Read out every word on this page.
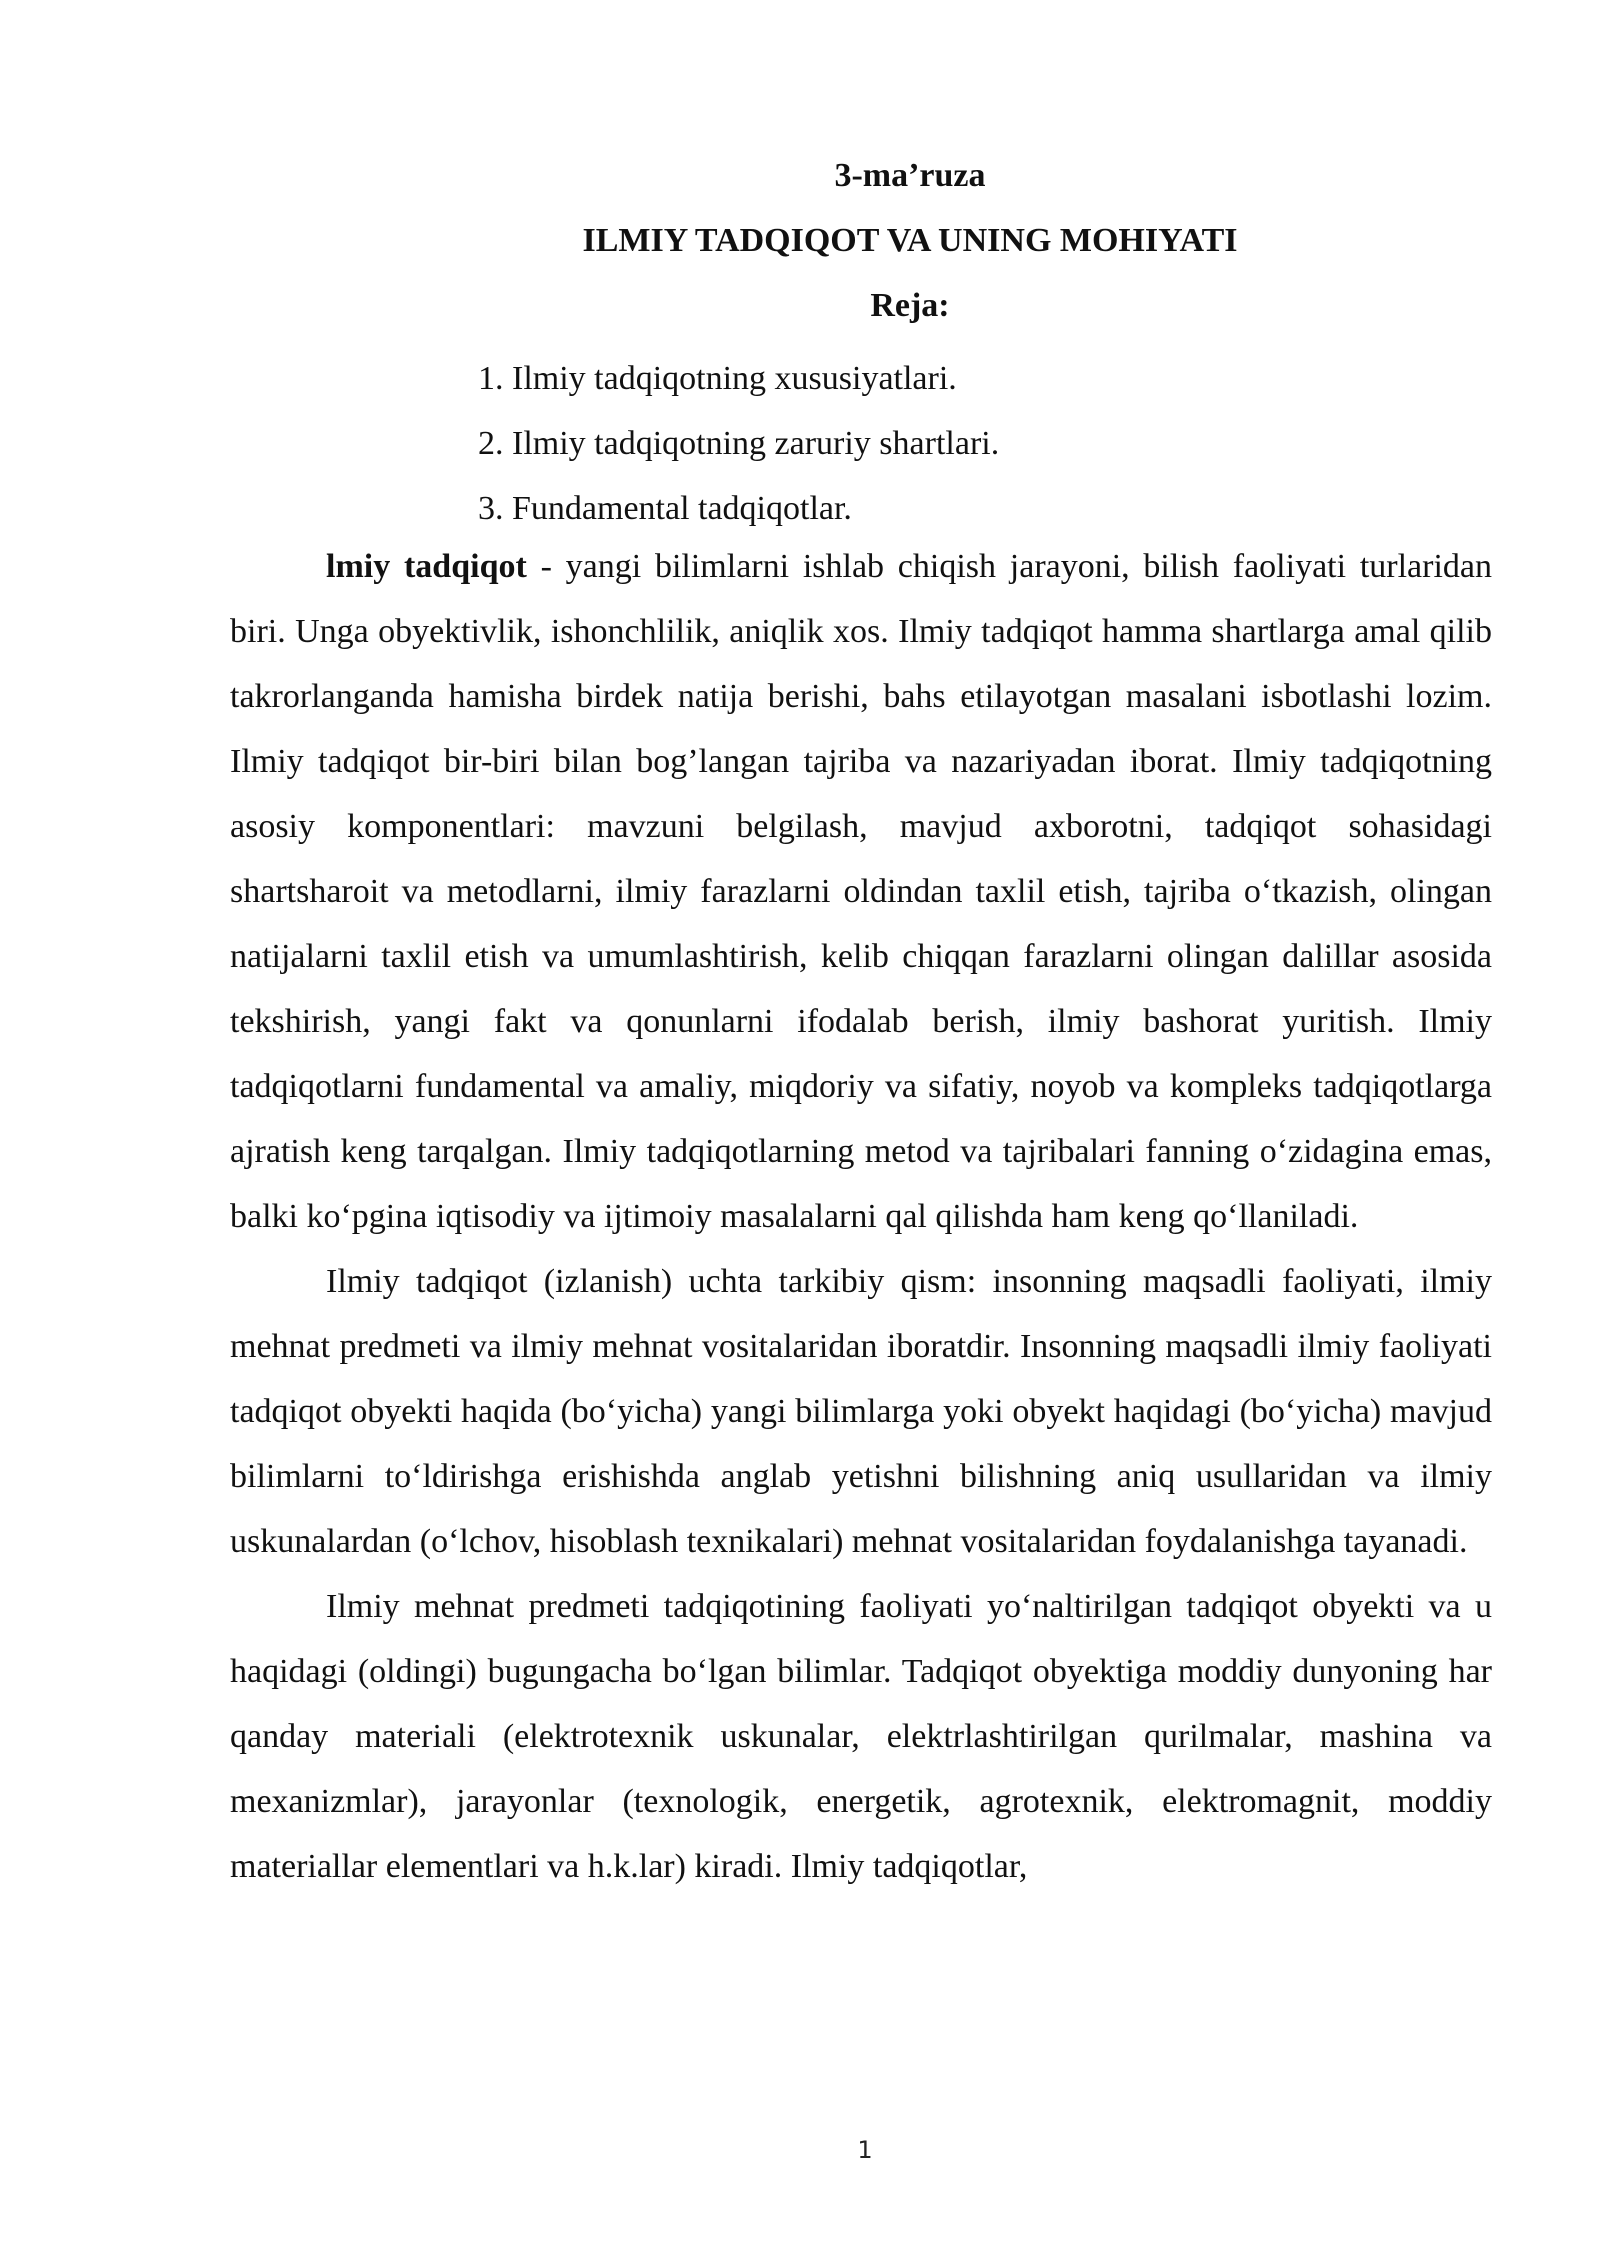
3-ma’ruza
ILMIY TADQIQOT VA UNING MOHIYATI
Reja:
1. Ilmiy tadqiqotning xususiyatlari.
2. Ilmiy tadqiqotning zaruriy shartlari.
3. Fundamental tadqiqotlar.

lmiy tadqiqot - yangi bilimlarni ishlab chiqish jarayoni, bilish faoliyati turlaridan biri. Unga obyektivlik, ishonchlilik, aniqlik xos. Ilmiy tadqiqot hamma shartlarga amal qilib takrorlanganda hamisha birdek natija berishi, bahs etilayotgan masalani isbotlashi lozim. Ilmiy tadqiqot bir-biri bilan bog’langan tajriba va nazariyadan iborat. Ilmiy tadqiqotning asosiy komponentlari: mavzuni belgilash, mavjud axborotni, tadqiqot sohasidagi shartsharoit va metodlarni, ilmiy farazlarni oldindan taxlil etish, tajriba o‘tkazish, olingan natijalarni taxlil etish va umumlashtirish, kelib chiqqan farazlarni olingan dalillar asosida tekshirish, yangi fakt va qonunlarni ifodalab berish, ilmiy bashorat yuritish. Ilmiy tadqiqotlarni fundamental va amaliy, miqdoriy va sifatiy, noyob va kompleks tadqiqotlarga ajratish keng tarqalgan. Ilmiy tadqiqotlarning metod va tajribalari fanning o‘zidagina emas, balki ko‘pgina iqtisodiy va ijtimoiy masalalarni qal qilishda ham keng qo‘llaniladi.

Ilmiy tadqiqot (izlanish) uchta tarkibiy qism: insonning maqsadli faoliyati, ilmiy mehnat predmeti va ilmiy mehnat vositalaridan iboratdir. Insonning maqsadli ilmiy faoliyati tadqiqot obyekti haqida (bo‘yicha) yangi bilimlarga yoki obyekt haqidagi (bo‘yicha) mavjud bilimlarni to‘ldirishga erishishda anglab yetishni bilishning aniq usullaridan va ilmiy uskunalardan (o‘lchov, hisoblash texnikalari) mehnat vositalaridan foydalanishga tayanadi.

Ilmiy mehnat predmeti tadqiqotining faoliyati yo‘naltirilgan tadqiqot obyekti va u haqidagi (oldingi) bugungacha bo‘lgan bilimlar. Tadqiqot obyektiga moddiy dunyoning har qanday materiali (elektrotexnik uskunalar, elektrlashtirilgan qurilmalar, mashina va mexanizmlar), jarayonlar (texnologik, energetik, agrotexnik, elektromagnit, moddiy materiallar elementlari va h.k.lar) kiradi. Ilmiy tadqiqotlar,

1
